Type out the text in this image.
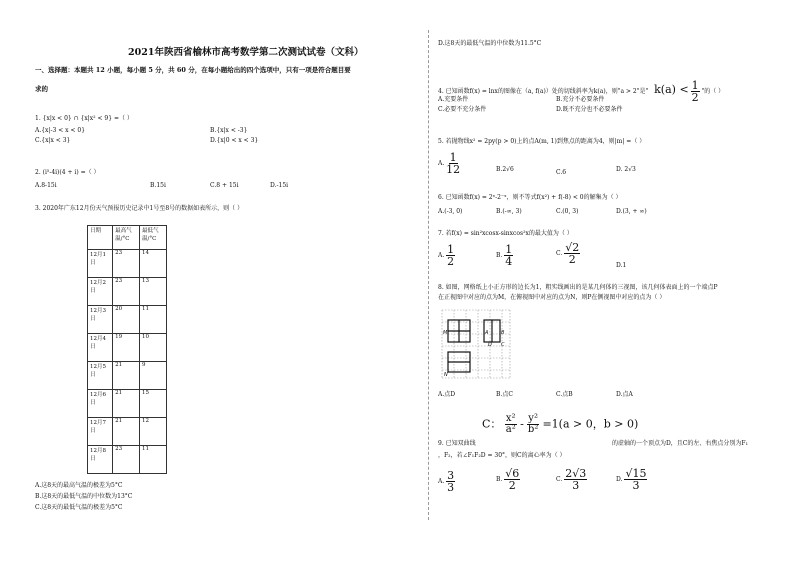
2021年陕西省榆林市高考数学第二次测试试卷（文科）
一、选择题：本题共 12 小题，每小题 5 分，共 60 分，在每小题给出的四个选项中，只有一项是符合题目要
求的
1. {x|x < 0} ∩ {x|x² < 9} =（ ）
A.{x|-3 < x < 0}	B.{x|x < -3}
C.{x|x < 3}	D.{x|0 < x < 3}
2. (i⁵-4i)(4 + i) =（ ）
A.8-15i	B.15i	C.8 + 15i	D.-15i
3. 2020年广东12月份天气预报历史记录中1号至8号的数据如表所示，则（ ）
日期	最高气温/°C	最低气温/°C
12月1日	23	14
12月2日	23	13
12月3日	20	11
12月4日	19	10
12月5日	21	9
12月6日	21	15
12月7日	21	12
12月8日	23	11
A.这8天的最高气温的极差为5°C
B.这8天的最低气温的中位数为13°C
C.这8天的最低气温的极差为5°C
D.这8天的最低气温的中位数为11.5°C
4. 已知函数f(x) = lnx的图像在（a, f(a)）处的切线斜率为k(a)，则"a > 2"是" $k(a) < \frac{1}{2}$ "的（ ）
A.充要条件	B.充分不必要条件
C.必要不充分条件	D.既不充分也不必要条件
5. 若抛物线x² = 2py(p > 0)上的点A(m, 1)到焦点的距离为4，则|m| =（ ）
A. $\frac{1}{12}$	B.2√6	C.6	D. 2√3
6. 已知函数f(x) = 2ˣ-2⁻ˣ，则不等式f(x²) + f(-8) < 0的解集为（ ）
A.(-3, 0)	B.(-∞, 3)	C.(0, 3)	D.(3, + ∞)
7. 若f(x) = sin²xcosx-sinxcos²x的最大值为（ ）
A. $\frac{1}{2}$	B. $\frac{1}{4}$	C. $\frac{√2}{2}$
D.1
8. 如图，网格纸上小正方形的边长为1，粗实线画出的是某几何体的三视图，该几何体表面上的一个端点P
在正视图中对应的点为M，在俯视图中对应的点为N，则P在侧视图中对应的点为（ ）
M	A	B
D C
N
A.点D	B.点C	C.点B	D.点A
C： $\frac{\text{x²}}{\text{a²}} - \frac{\text{y²}}{\text{b²}} =1(a > 0$，b > 0)
9. 已知双曲线	的虚轴的一个顶点为D，且C的左、右焦点分别为F₁
，F₂，若∠F₁F₂D = 30°，则C的离心率为（ ）
A. $\frac{3}{3}$	B. $\frac{√6}{2}$	C. $\frac{2√3}{3}$	D. $\frac{√15}{3}$
